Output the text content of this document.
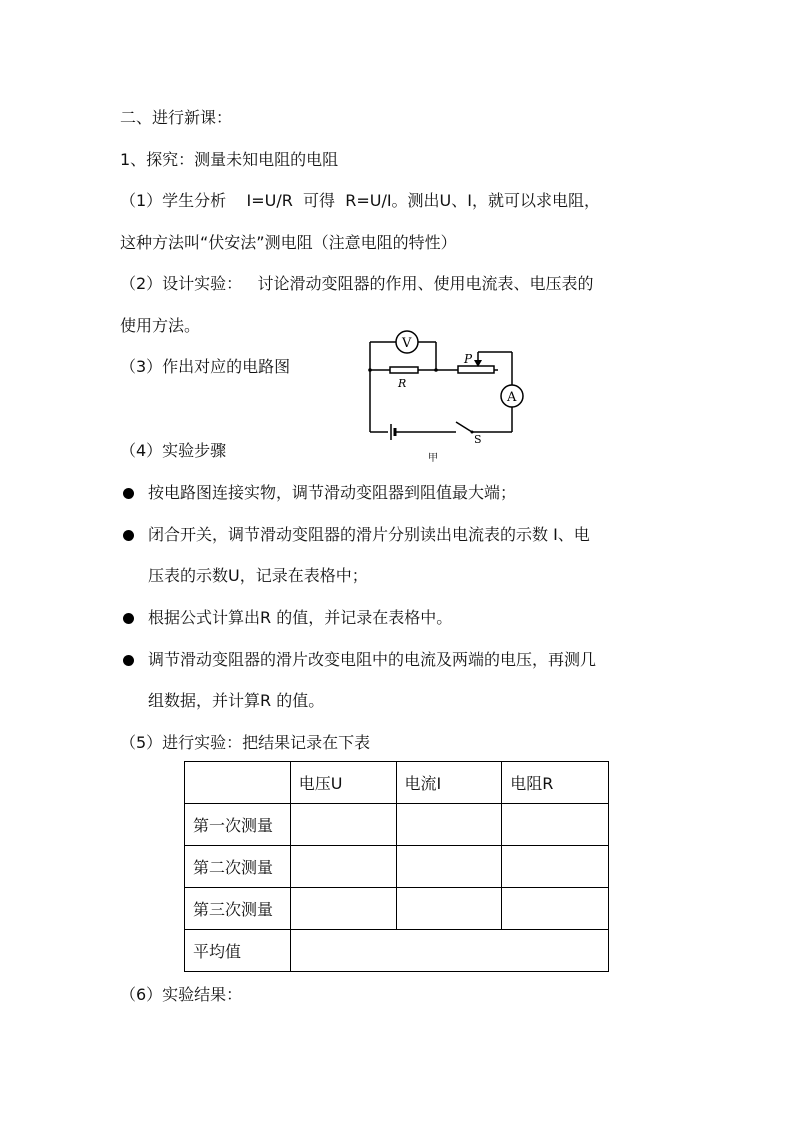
二、进行新课：
1、探究：测量未知电阻的电阻
（1）学生分析    I=U/R  可得  R=U/I。测出U、I，就可以求电阻，
这种方法叫“伏安法”测电阻（注意电阻的特性）
（2）设计实验：   讨论滑动变阻器的作用、使用电流表、电压表的
使用方法。
（3）作出对应的电路图
（4）实验步骤
V
A
R
P
S
甲
按电路图连接实物，调节滑动变阻器到阻值最大端；
闭合开关，调节滑动变阻器的滑片分别读出电流表的示数 I、电
压表的示数U，记录在表格中；
根据公式计算出R 的值，并记录在表格中。
调节滑动变阻器的滑片改变电阻中的电流及两端的电压，再测几
组数据，并计算R 的值。
（5）进行实验：把结果记录在下表
	电压U	电流I	电阻R
第一次测量			
第二次测量			
第三次测量			
平均值			
（6）实验结果：
